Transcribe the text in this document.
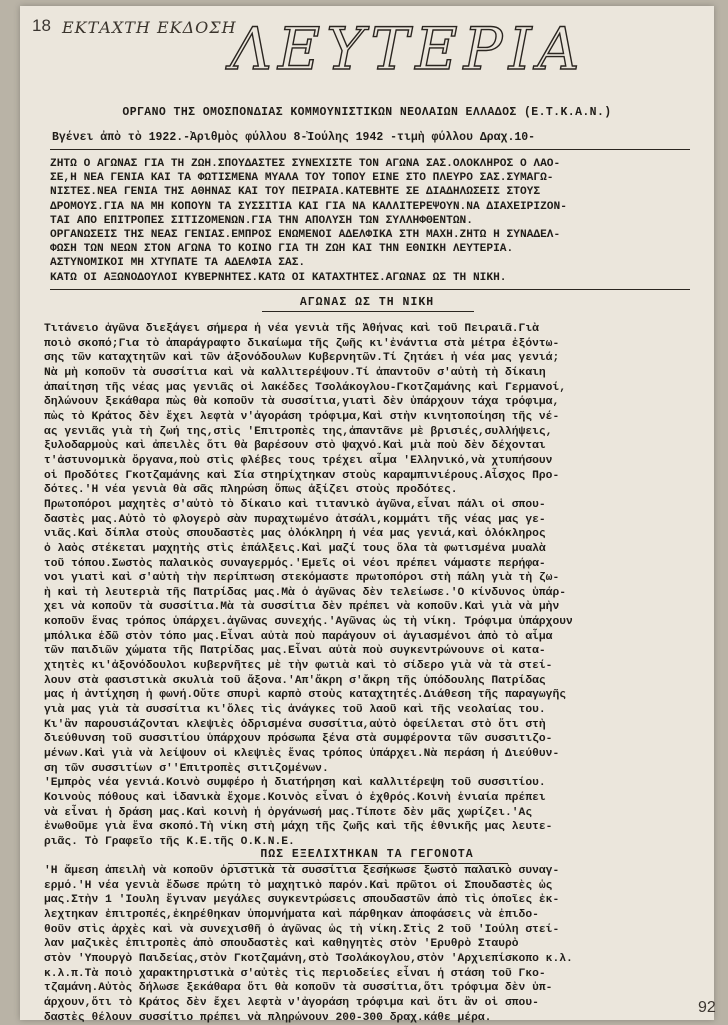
18 ΕΚΤΑΧΤΗ ΕΚΔΟΣΗ
ΛΕΥΤΕΡΙΑ
ΟΡΓΑΝΟ ΤΗΣ ΟΜΟΣΠΟΝΔΙΑΣ ΚΟΜΜΟΥΝΙΣΤΙΚΩΝ ΝΕΟΛΑΙΩΝ ΕΛΛΑΔΟΣ (Ε.Τ.Κ.Α.Ν.)
Βγένει ἀπὸ τὸ 1922.-Ἀριθμὸς φύλλου 8-Ἰούλης 1942 -τιμὴ φύλλου Δραχ.10-

ΖΗΤΩ Ο ΑΓΩΝΑΣ ΓΙΑ ΤΗ ΖΩΗ.ΣΠΟΥΔΑΣΤΕΣ ΣΥΝΕΧΙΣΤΕ ΤΟΝ ΑΓΩΝΑ ΣΑΣ.ΟΛΟΚΛΗΡΟΣ Ο ΛΑΟ-

ΣΕ,Η ΝΕΑ ΓΕΝΙΑ ΚΑΙ ΤΑ ΦΩΤΙΣΜΕΝΑ ΜΥΑΛΑ ΤΟΥ ΤΟΠΟΥ ΕΙΝΕ ΣΤΟ ΠΛΕΥΡΟ ΣΑΣ.ΣΥΜΑΓΩ-

ΝΙΣΤΕΣ.ΝΕΑ ΓΕΝΙΑ ΤΗΣ ΑΘΗΝΑΣ ΚΑΙ ΤΟΥ ΠΕΙΡΑΙΑ.ΚΑΤΕΒΗΤΕ ΣΕ ΔΙΑΔΗΛΩΣΕΙΣ ΣΤΟΥΣ

ΔΡΟΜΟΥΣ.ΓΙΑ ΝΑ ΜΗ ΚΟΠΟΥΝ ΤΑ ΣΥΣΣΙΤΙΑ ΚΑΙ ΓΙΑ ΝΑ ΚΑΛΛΙΤΕΡΕΨΟΥΝ.ΝΑ ΔΙΑΧΕΙΡΙΖΟΝ-

ΤΑΙ ΑΠΟ ΕΠΙΤΡΟΠΕΣ ΣΙΤΙΖΟΜΕΝΩΝ.ΓΙΑ ΤΗΝ ΑΠΟΛΥΣΗ ΤΩΝ ΣΥΛΛΗΦΘΕΝΤΩΝ.

ΟΡΓΑΝΩΣΕΙΣ ΤΗΣ ΝΕΑΣ ΓΕΝΙΑΣ.ΕΜΠΡΟΣ ΕΝΩΜΕΝΟΙ ΑΔΕΛΦΙΚΑ ΣΤΗ ΜΑΧΗ.ΖΗΤΩ Η ΣΥΝΑΔΕΛ-

ΦΩΣΗ ΤΩΝ ΝΕΩΝ ΣΤΟΝ ΑΓΩΝΑ ΤΟ ΚΟΙΝΟ ΓΙΑ ΤΗ ΖΩΗ ΚΑΙ ΤΗΝ ΕΘΝΙΚΗ ΛΕΥΤΕΡΙΑ.

ΑΣΤΥΝΟΜΙΚΟΙ ΜΗ ΧΤΥΠΑΤΕ ΤΑ ΑΔΕΛΦΙΑ ΣΑΣ.

ΚΑΤΩ ΟΙ ΑΞΩΝΟΔΟΥΛΟΙ ΚΥΒΕΡΝΗΤΕΣ.ΚΑΤΩ ΟΙ ΚΑΤΑΧΤΗΤΕΣ.ΑΓΩΝΑΣ ΩΣ ΤΗ ΝΙΚΗ.

ΑΓΩΝΑΣ ΩΣ ΤΗ ΝΙΚΗ

Τιτάνειο ἀγῶνα διεξάγει σήμερα ἡ νέα γενιὰ τῆς Ἀθήνας καὶ τοῦ Πειραιᾶ.Γιὰ

ποιὸ σκοπό;Για τὸ ἀπαράγραφτο δικαίωμα τῆς ζωῆς κι'ἐνάντια στὰ μέτρα ἐξόντω-

σης τῶν καταχτητῶν καὶ τῶν ἀξονόδουλων Κυβερνητῶν.Τί ζητάει ἡ νέα μας γενιά;

Νὰ μὴ κοποῦν τὰ συσσίτια καὶ νὰ καλλιτερέψουν.Τί ἀπαντοῦν σ'αὐτὴ τὴ δίκαιη

ἀπαίτηση τῆς νέας μας γενιᾶς οἱ λακέδες Τσολάκογλου-Γκοτζαμάνης καὶ Γερμανοί,

δηλώνουν ξεκάθαρα πὼς θὰ κοποῦν τὰ συσσίτια,γιατὶ δὲν ὑπάρχουν τάχα τρόφιμα,

πὼς τὸ Κράτος δὲν ἔχει λεφτὰ ν'ἀγοράση τρόφιμα,Καὶ στὴν κινητοποίηση τῆς νέ-

ας γενιᾶς γιὰ τὴ ζωή της,στὶς 'Επιτροπὲς της,ἀπαντᾶνε μὲ βρισιές,συλλήψεις,

ξυλοδαρμοὺς καὶ ἀπειλὲς ὅτι θὰ βαρέσουν στὸ ψαχνό.Καὶ μιὰ ποὺ δὲν δέχονται

τ'ἀστυνομικὰ ὄργανα,ποὺ στὶς φλέβες τους τρέχει αἷμα 'Ελληνικό,νὰ χτυπήσουν

οἱ Προδότες Γκοτζαμάνης καὶ Σία στηρίχτηκαν στοὺς καραμπινιέρους.Αἶσχος Προ-

δότες.'Η νέα γενιὰ θὰ σᾶς πληρώση ὅπως ἀξίζει στοὺς προδότες.

Πρωτοπόροι μαχητὲς σ'αὐτὸ τὸ δίκαιο καὶ τιτανικὸ ἀγῶνα,εἶναι πάλι οἱ σπου-

δαστὲς μας.Αὐτὸ τὸ φλογερὸ σὰν πυραχτωμένο ἀτσάλι,κομμάτι τῆς νέας μας γε-

νιᾶς.Καὶ δίπλα στοὺς σπουδαστὲς μας ὁλόκληρη ἡ νέα μας γενιά,καὶ ὁλόκληρος

ὁ λαὸς στέκεται μαχητὴς στὶς ἐπάλξεις.Καὶ μαζί τους ὅλα τὰ φωτισμένα μυαλὰ

τοῦ τόπου.Σωστὸς παλαικὸς συναγερμός.'Εμεῖς οἱ νέοι πρέπει νάμαστε περήφα-

νοι γιατὶ καὶ σ'αὐτὴ τὴν περίπτωση στεκόμαστε πρωτοπόροι στὴ πάλη γιὰ τὴ ζω-

ὴ καὶ τὴ λευτεριὰ τῆς Πατρίδας μας.Μὰ ὁ ἀγῶνας δὲν τελείωσε.'Ο κίνδυνος ὑπάρ-

χει νὰ κοποῦν τὰ συσσίτια.Μὰ τὰ συσσίτια δὲν πρέπει νὰ κοποῦν.Καὶ γιὰ νὰ μὴν

κοποῦν ἕνας τρόπος ὑπάρχει.ἀγῶνας συνεχής.'Αγῶνας ὡς τὴ νίκη. Τρόφιμα ὑπάρχουν

μπόλικα ἐδῶ στὸν τόπο μας.Εἶναι αὐτὰ ποὺ παράγουν οἱ ἀγιασμένοι ἀπὸ τὸ αἷμα

τῶν παιδιῶν χώματα τῆς Πατρίδας μας.Εἶναι αὐτὰ ποὺ συγκεντρώνουνε οἱ κατα-

χτητὲς κι'ἀξονόδουλοι κυβερνῆτες μὲ τὴν φωτιὰ καὶ τὸ σίδερο γιὰ νὰ τὰ στεί-

λουν στὰ φασιστικὰ σκυλιὰ τοῦ ἄξονα.'Απ'ἄκρη σ'ἄκρη τῆς ὑπόδουλης Πατρίδας

μας ἡ ἀντίχηση ἡ φωνή.Οὔτε σπυρὶ καρπὸ στοὺς καταχτητές.Διάθεση τῆς παραγωγῆς

γιὰ μας γιὰ τὰ συσσίτια κι'ὅλες τὶς ἀνάγκες τοῦ λαοῦ καὶ τῆς νεολαίας του.

Κι'ἂν παρουσιάζονται κλεψιὲς ὁδρισμένα συσσίτια,αὐτὸ ὀφείλεται στὸ ὅτι στὴ

διεύθυνση τοῦ συσσιτίου ὑπάρχουν πρόσωπα ξένα στὰ συμφέροντα τῶν συσσιτιζο-

μένων.Καὶ γιὰ νὰ λείψουν οἱ κλεψιὲς ἕνας τρόπος ὑπάρχει.Νὰ περάση ἡ Διεύθυν-

ση τῶν συσσιτίων σ''Επιτροπὲς σιτιζομένων.

'Εμπρὸς νέα γενιά.Κοινὸ συμφέρο ἡ διατήρηση καὶ καλλιτέρεψη τοῦ συσσιτίου.

Κοινοὺς πόθους καὶ ἰδανικὰ ἔχομε.Κοινὸς εἶναι ὁ ἐχθρός.Κοινὴ ἑνιαία πρέπει

νὰ εἶναι ἡ δράση μας.Καὶ κοινὴ ἡ ὀργάνωσή μας.Τίποτε δὲν μᾶς χωρίζει.'Ας

ἑνωθοῦμε γιὰ ἕνα σκοπό.Τὴ νίκη στὴ μάχη τῆς ζωῆς καὶ τῆς ἐθνικῆς μας λευτε-

ριᾶς. Τὸ Γραφεῖο τῆς Κ.Ε.τῆς Ο.Κ.Ν.Ε.

ΠΩΣ ΕΞΕΛΙΧΤΗΚΑΝ ΤΑ ΓΕΓΟΝΟΤΑ

'Η ἄμεση ἀπειλὴ νὰ κοποῦν ὁριστικὰ τὰ συσσίτια ξεσήκωσε ξωστὸ παλαικὸ συναγ-

ερμό.'Η νέα γενιὰ ἔδωσε πρώτη τὸ μαχητικὸ παρόν.Καὶ πρῶτοι οἱ Σπουδαστὲς ὡς

μας.Στὴν 1 'Ιουλη ἔγιναν μεγάλες συγκεντρώσεις σπουδαστῶν ἀπὸ τὶς ὁποῖες ἐκ-

λεχτηκαν ἐπιτροπές,ἐκηρέθηκαν ὑπομνήματα καὶ πάρθηκαν ἀποφάσεις νὰ ἐπιδο-

θοῦν στὶς ἀρχὲς καὶ νὰ συνεχισθῆ ὁ ἀγῶνας ὡς τὴ νίκη.Στὶς 2 τοῦ 'Ιούλη στεί-

λαν μαζικὲς ἐπιτροπὲς ἀπὸ σπουδαστὲς καὶ καθηγητὲς στὸν 'Ερυθρὸ Σταυρὸ

στὸν 'Υπουργὸ Παιδείας,στὸν Γκοτζαμάνη,στὸ Τσολάκογλου,στὸν 'Αρχιεπίσκοπο κ.λ.

κ.λ.π.Τὰ ποιὸ χαρακτηριστικὰ σ'αὐτὲς τὶς περιοδείες εἶναι ἡ στάση τοῦ Γκο-

τζαμάνη.Αὐτὸς δήλωσε ξεκάθαρα ὅτι θὰ κοποῦν τὰ συσσίτια,ὅτι τρόφιμα δὲν ὑπ-

άρχουν,ὅτι τὸ Κράτος δὲν ἔχει λεφτὰ ν'ἀγοράση τρόφιμα καὶ ὅτι ἂν οἱ σπου-

δαστὲς θέλουν συσσίτιο πρέπει νὰ πληρώνουν 200-300 δραχ.κάθε μέρα.

92
